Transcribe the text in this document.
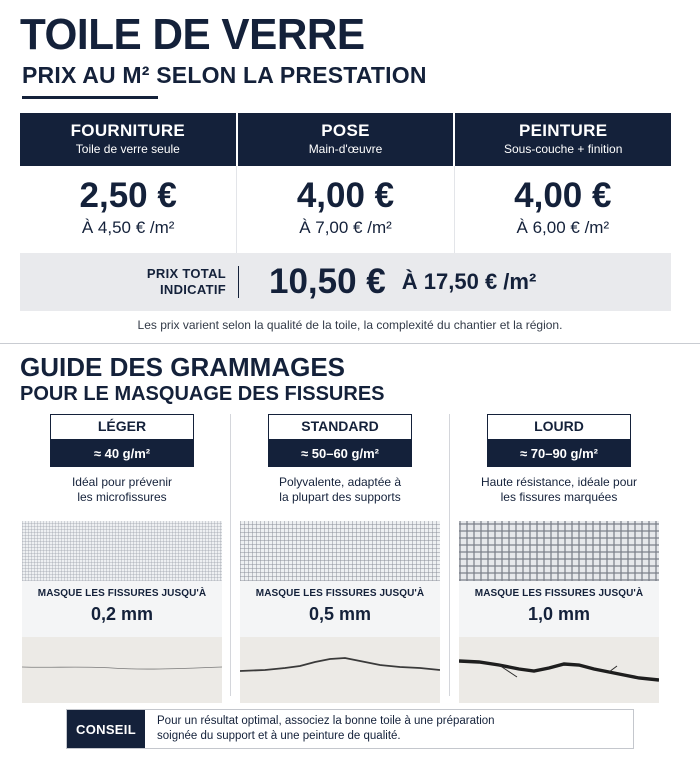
TOILE DE VERRE
PRIX AU M² SELON LA PRESTATION
FOURNITURE
Toile de verre seule
POSE
Main-d'œuvre
PEINTURE
Sous-couche + finition
2,50 €
À 4,50 € /m²
4,00 €
À 7,00 € /m²
4,00 €
À 6,00 € /m²
PRIX TOTAL
INDICATIF 10,50 € À 17,50 € /m²
Les prix varient selon la qualité de la toile, la complexité du chantier et la région.
GUIDE DES GRAMMAGES
POUR LE MASQUAGE DES FISSURES
LÉGER
≈ 40 g/m²
Idéal pour prévenir
les microfissures
MASQUE LES FISSURES JUSQU'À
0,2 mm
STANDARD
≈ 50–60 g/m²
Polyvalente, adaptée à
la plupart des supports
MASQUE LES FISSURES JUSQU'À
0,5 mm
LOURD
≈ 70–90 g/m²
Haute résistance, idéale pour
les fissures marquées
MASQUE LES FISSURES JUSQU'À
1,0 mm
CONSEIL
Pour un résultat optimal, associez la bonne toile à une préparation
soignée du support et à une peinture de qualité.
